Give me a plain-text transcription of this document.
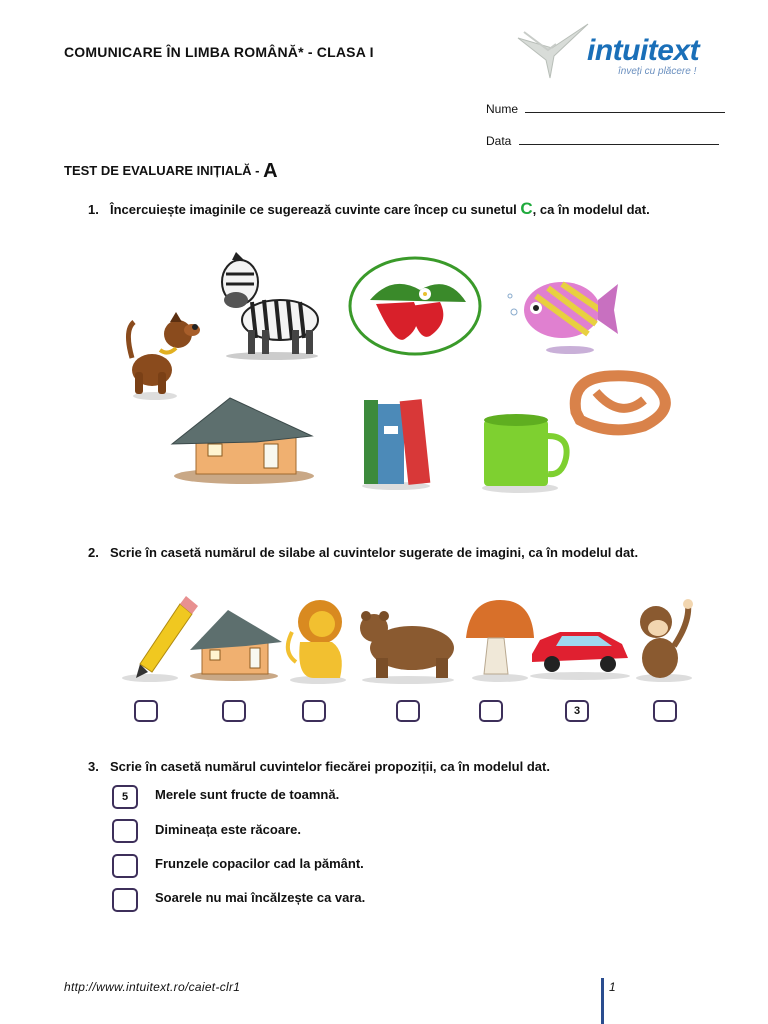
COMUNICARE ÎN LIMBA ROMÂNĂ* - CLASA I	intuitext
înveți cu plăcere !
Nume
Data
TEST DE EVALUARE INIȚIALĂ - A
1. Încercuiește imaginile ce sugerează cuvinte care încep cu sunetul C, ca în modelul dat.
2. Scrie în casetă numărul de silabe al cuvintelor sugerate de imagini, ca în modelul dat.
3
3. Scrie în casetă numărul cuvintelor fiecărei propoziții, ca în modelul dat.
5	Merele sunt fructe de toamnă.
Dimineața este răcoare.
Frunzele copacilor cad la pământ.
Soarele nu mai încălzește ca vara.
http://www.intuitext.ro/caiet-clr1	1
